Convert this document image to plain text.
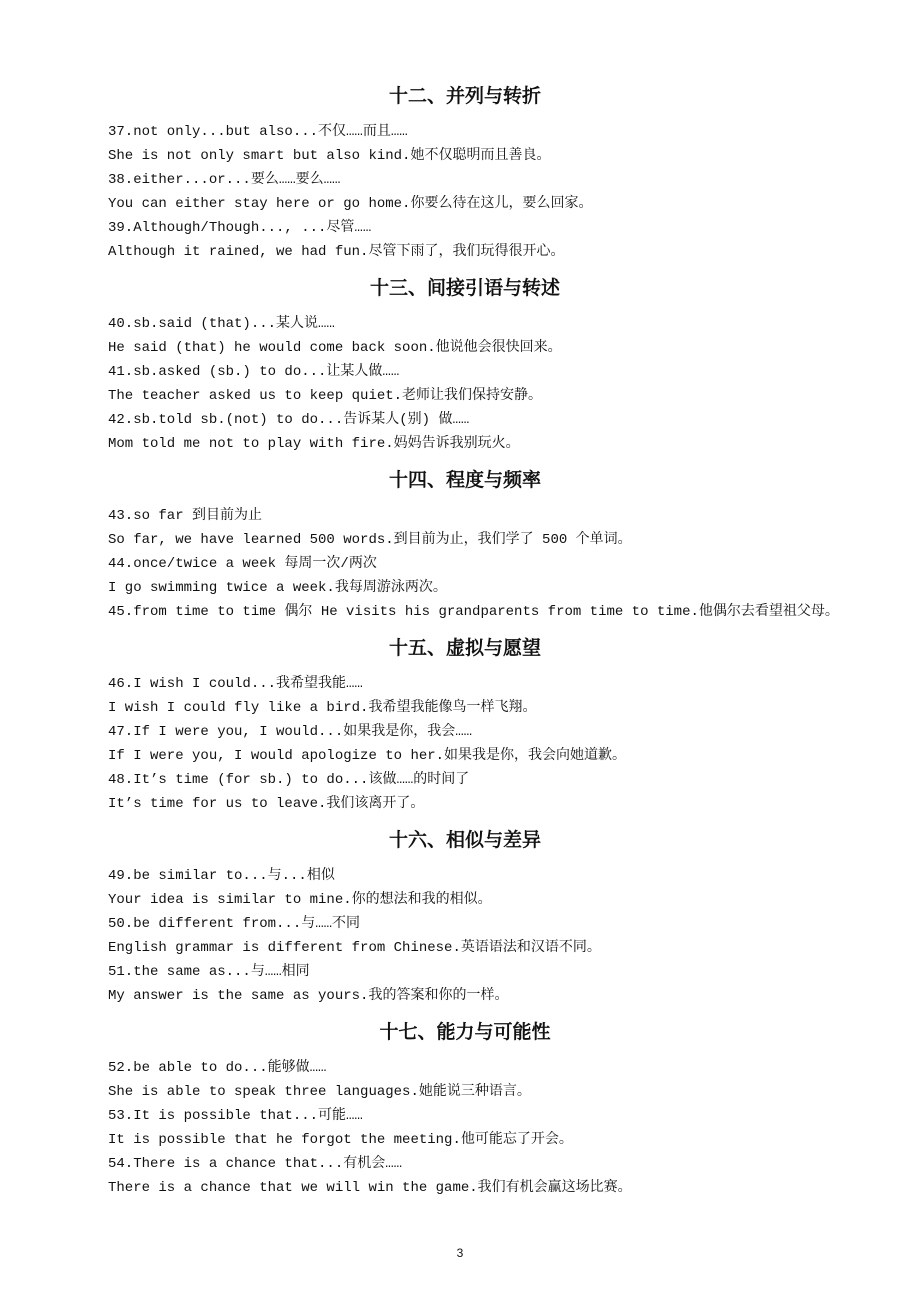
十二、并列与转折
37.not only...but also...不仅……而且……
She is not only smart but also kind.她不仅聪明而且善良。
38.either...or...要么……要么……
You can either stay here or go home.你要么待在这儿，要么回家。
39.Although/Though..., ...尽管……
Although it rained, we had fun.尽管下雨了，我们玩得很开心。
十三、间接引语与转述
40.sb.said (that)...某人说……
He said (that) he would come back soon.他说他会很快回来。
41.sb.asked (sb.) to do...让某人做……
The teacher asked us to keep quiet.老师让我们保持安静。
42.sb.told sb.(not) to do...告诉某人(别) 做……
Mom told me not to play with fire.妈妈告诉我别玩火。
十四、程度与频率
43.so far 到目前为止
So far, we have learned 500 words.到目前为止，我们学了 500 个单词。
44.once/twice a week 每周一次/两次
I go swimming twice a week.我每周游泳两次。
45.from time to time 偶尔 He visits his grandparents from time to time.他偶尔去看望祖父母。
十五、虚拟与愿望
46.I wish I could...我希望我能……
I wish I could fly like a bird.我希望我能像鸟一样飞翔。
47.If I were you, I would...如果我是你，我会……
If I were you, I would apologize to her.如果我是你，我会向她道歉。
48.It’s time (for sb.) to do...该做……的时间了
It’s time for us to leave.我们该离开了。
十六、相似与差异
49.be similar to...与...相似
Your idea is similar to mine.你的想法和我的相似。
50.be different from...与……不同
English grammar is different from Chinese.英语语法和汉语不同。
51.the same as...与……相同
My answer is the same as yours.我的答案和你的一样。
十七、能力与可能性
52.be able to do...能够做……
She is able to speak three languages.她能说三种语言。
53.It is possible that...可能……
It is possible that he forgot the meeting.他可能忘了开会。
54.There is a chance that...有机会……
There is a chance that we will win the game.我们有机会赢这场比赛。
3
